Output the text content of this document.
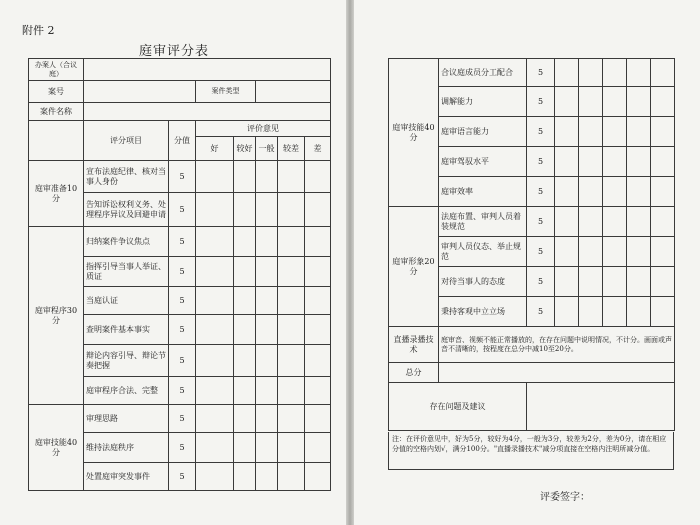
附件 2
庭审评分表
办案人（合议庭）							
案号			案件类型				
案件名称							
	评分项目	分值	评价意见				
			好	较好	一般	较差	差
庭审准备10分	宣布法庭纪律、核对当事人身份	5					
	告知诉讼权利义务、处理程序异议及回避申请	5					
庭审程序30分	归纳案件争议焦点	5					
	指挥引导当事人举证、质证	5					
	当庭认证	5					
	查明案件基本事实	5					
	辩论内容引导、辩论节奏把握	5					
	庭审程序合法、完整	5					
庭审技能40分	审理思路	5					
	维持法庭秩序	5					
	处置庭审突发事件	5					
庭审技能40分	合议庭成员分工配合	5					
	调解能力	5					
	庭审语言能力	5					
	庭审驾驭水平	5					
	庭审效率	5					
庭审形象20分	法庭布置、审判人员着装规范	5					
	审判人员仪态、举止规范	5					
	对待当事人的态度	5					
	秉持客观中立立场	5					
直播录播技术	庭审音、视频不能正常播放的，在存在问题中说明情况，不计分。画面或声音不清晰的，按程度在总分中减10至20分。						
总分							
存在问题及建议							
注：在评价意见中，好为5分，较好为4分，一般为3分，较差为2分，差为0分，请在相应分值的空格内划√，满分100分。"直播录播技术"减分项直接在空格内注明所减分值。
评委签字：
